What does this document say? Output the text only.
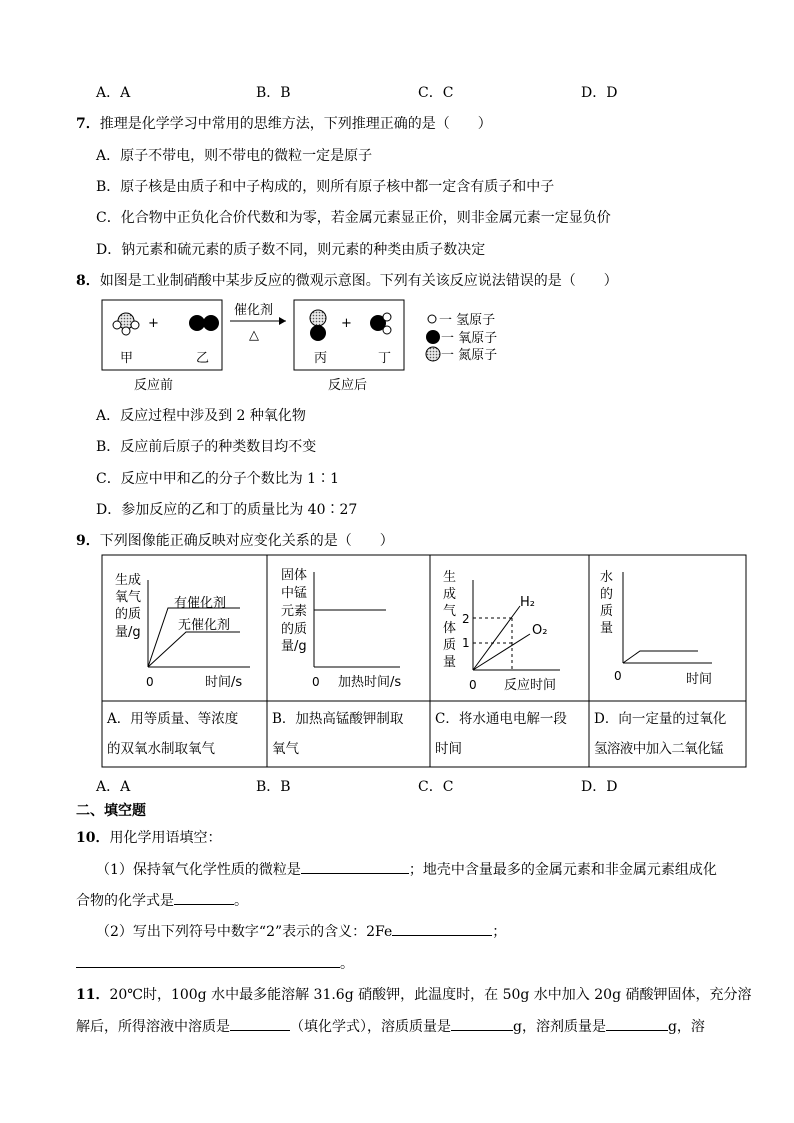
A．A	B．B	C．C	D．D
7．推理是化学学习中常用的思维方法，下列推理正确的是（　　）
A．原子不带电，则不带电的微粒一定是原子
B．原子核是由质子和中子构成的，则所有原子核中都一定含有质子和中子
C．化合物中正负化合价代数和为零，若金属元素显正价，则非金属元素一定显负价
D．钠元素和硫元素的质子数不同，则元素的种类由质子数决定
8．如图是工业制硝酸中某步反应的微观示意图。下列有关该反应说法错误的是（　　）
+
甲	乙
反应前
催化剂
△
+
丙	丁
反应后
一 氢原子
一 氧原子
一 氮原子
A．反应过程中涉及到 2 种氧化物
B．反应前后原子的种类数目均不变
C．反应中甲和乙的分子个数比为 1∶1
D．参加反应的乙和丁的质量比为 40∶27
9．下列图像能正确反映对应变化关系的是（　　）
生成
氧气
的质
量/g
有催化剂
无催化剂
0	时间/s
固体
中锰
元素
的质
量/g
0 加热时间/s
生
成
气
体
质
量
2
1
H₂
O₂
0 反应时间
水
的
质
量
0	时间
A．用等质量、等浓度
的双氧水制取氧气
B．加热高锰酸钾制取
氧气
C．将水通电电解一段
时间
D．向一定量的过氧化
氢溶液中加入二氧化锰
A．A	B．B	C．C	D．D
二、填空题
10．用化学用语填空：
（1）保持氧气化学性质的微粒是	；地壳中含量最多的金属元素和非金属元素组成化
合物的化学式是	。
（2）写出下列符号中数字“2”表示的含义：2Fe	；
。
11．20℃时，100g 水中最多能溶解 31.6g 硝酸钾，此温度时，在 50g 水中加入 20g 硝酸钾固体，充分溶
解后，所得溶液中溶质是	（填化学式），溶质质量是	g，溶剂质量是	g，溶
